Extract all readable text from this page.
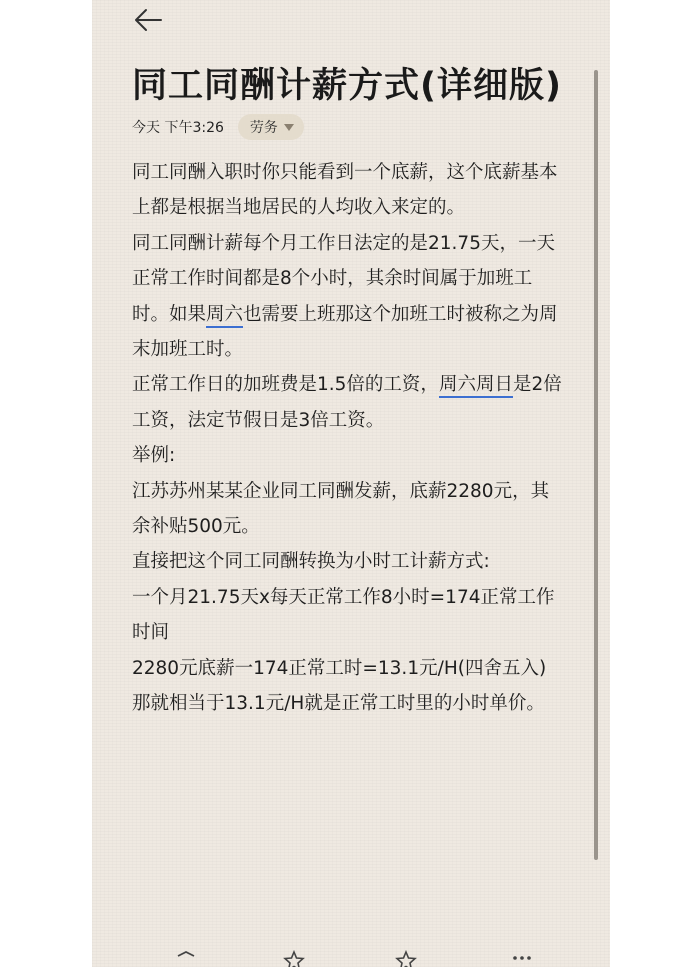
同工同酬计薪方式(详细版)
今天 下午3:26 劳务

同工同酬入职时你只能看到一个底薪，这个底薪基本上都是根据当地居民的人均收入来定的。

同工同酬计薪每个月工作日法定的是21.75天，一天正常工作时间都是8个小时，其余时间属于加班工时。如果周六也需要上班那这个加班工时被称之为周末加班工时。

正常工作日的加班费是1.5倍的工资，周六周日是2倍工资，法定节假日是3倍工资。

举例:

江苏苏州某某企业同工同酬发薪，底薪2280元，其余补贴500元。

直接把这个同工同酬转换为小时工计薪方式:

一个月21.75天x每天正常工作8小时=174正常工作时间

2280元底薪一174正常工时=13.1元/H(四舍五入)那就相当于13.1元/H就是正常工时里的小时单价。
